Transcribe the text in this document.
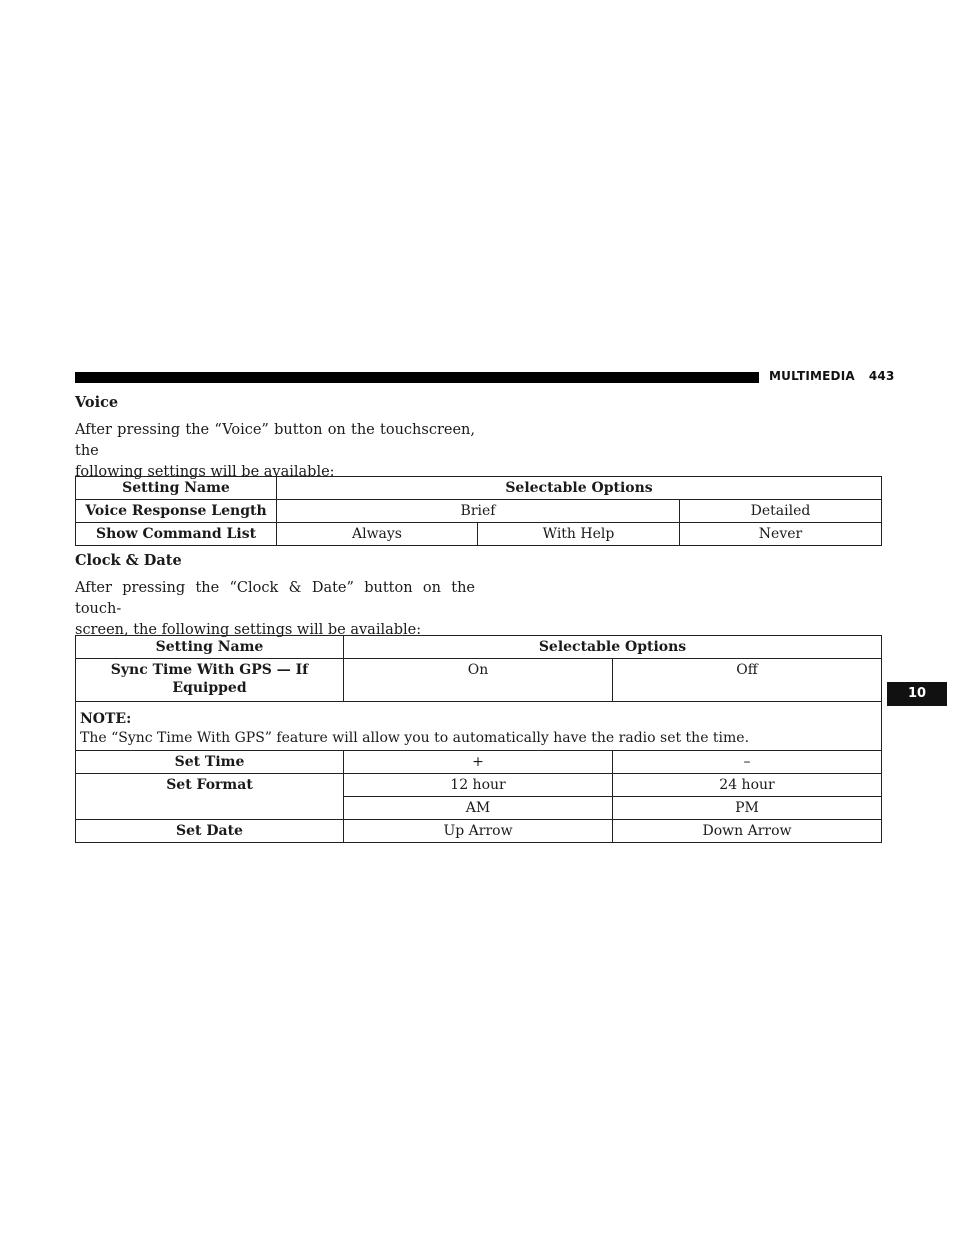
MULTIMEDIA 443
Voice
After pressing the “Voice” button on the touchscreen, the
following settings will be available:
Setting Name	Selectable Options		
Voice Response Length	Brief		Detailed
Show Command List	Always	With Help	Never
Clock & Date
After pressing the “Clock & Date” button on the touch-
screen, the following settings will be available:
Setting Name	Selectable Options	

Sync Time With GPS — If
Equipped	On	Off

NOTE:
The “Sync Time With GPS” feature will allow you to automatically have the radio set the time.		

Set Time	+	–
Set Format	12 hour	24 hour
	AM	PM
Set Date	Up Arrow	Down Arrow
10
